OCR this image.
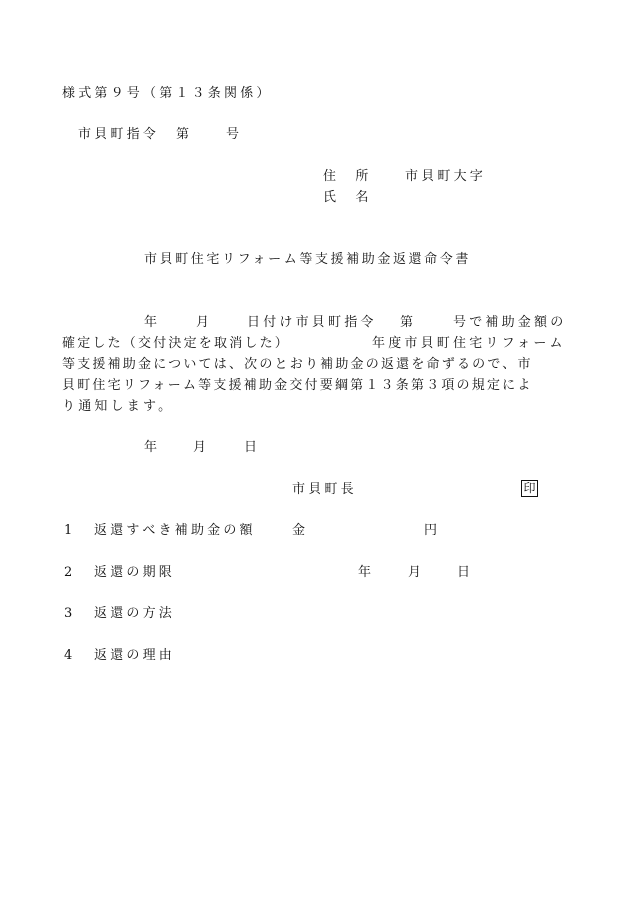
様式第９号（第１３条関係）
市貝町指令 第	号
住　所	市貝町大字
氏　名
市貝町住宅リフォーム等支援補助金返還命令書
年	月	日付け市貝町指令 第	号で補助金額の
確定した（交付決定を取消した）	年度市貝町住宅リフォーム
等支援補助金については、次のとおり補助金の返還を命ずるので、市
貝町住宅リフォーム等支援補助金交付要綱第１３条第３項の規定によ
り通知します。
年	月	日
市貝町長	印
1 返還すべき補助金の額	金	円
2 返還の期限	年	月	日
3 返還の方法
4 返還の理由
